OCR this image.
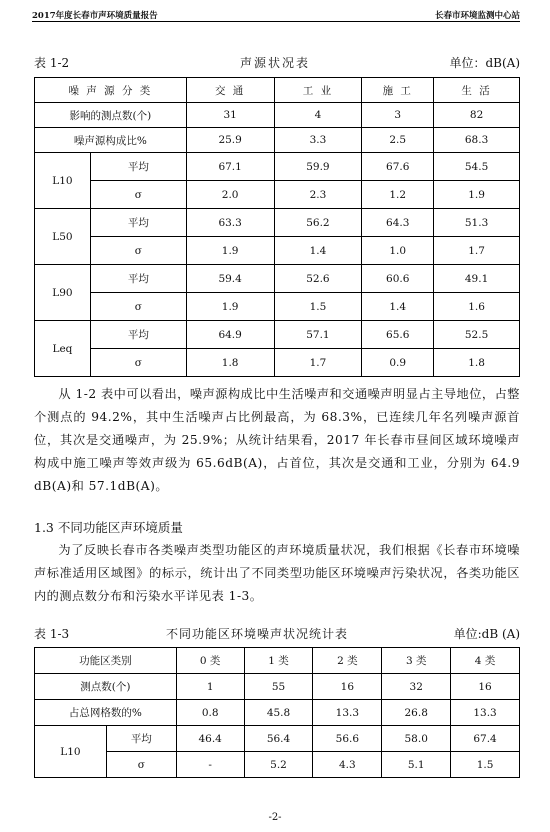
2017年度长春市声环境质量报告	长春市环境监测中心站
表 1-2	声源状况表	单位：dB(A)
噪 声 源 分 类		交 通	工 业	施 工	生 活
影响的测点数(个)		31	4	3	82
噪声源构成比%		25.9	3.3	2.5	68.3
L10	平均	67.1	59.9	67.6	54.5
	σ	2.0	2.3	1.2	1.9
L50	平均	63.3	56.2	64.3	51.3
	σ	1.9	1.4	1.0	1.7
L90	平均	59.4	52.6	60.6	49.1
	σ	1.9	1.5	1.4	1.6
Leq	平均	64.9	57.1	65.6	52.5
	σ	1.8	1.7	0.9	1.8

从 1-2 表中可以看出，噪声源构成比中生活噪声和交通噪声明显占主导地位，占整个测点的 94.2%，其中生活噪声占比例最高，为 68.3%，已连续几年名列噪声源首位，其次是交通噪声，为 25.9%；从统计结果看，2017 年长春市昼间区域环境噪声构成中施工噪声等效声级为 65.6dB(A)，占首位，其次是交通和工业，分别为 64.9 dB(A)和 57.1dB(A)。

1.3 不同功能区声环境质量

为了反映长春市各类噪声类型功能区的声环境质量状况，我们根据《长春市环境噪声标准适用区域图》的标示，统计出了不同类型功能区环境噪声污染状况，各类功能区内的测点数分布和污染水平详见表 1-3。

表 1-3	不同功能区环境噪声状况统计表	单位:dB (A)
功能区类别		0 类	1 类	2 类	3 类	4 类
测点数(个)		1	55	16	32	16
占总网格数的%		0.8	45.8	13.3	26.8	13.3
L10	平均	46.4	56.4	56.6	58.0	67.4
	σ	-	5.2	4.3	5.1	1.5
-2-
